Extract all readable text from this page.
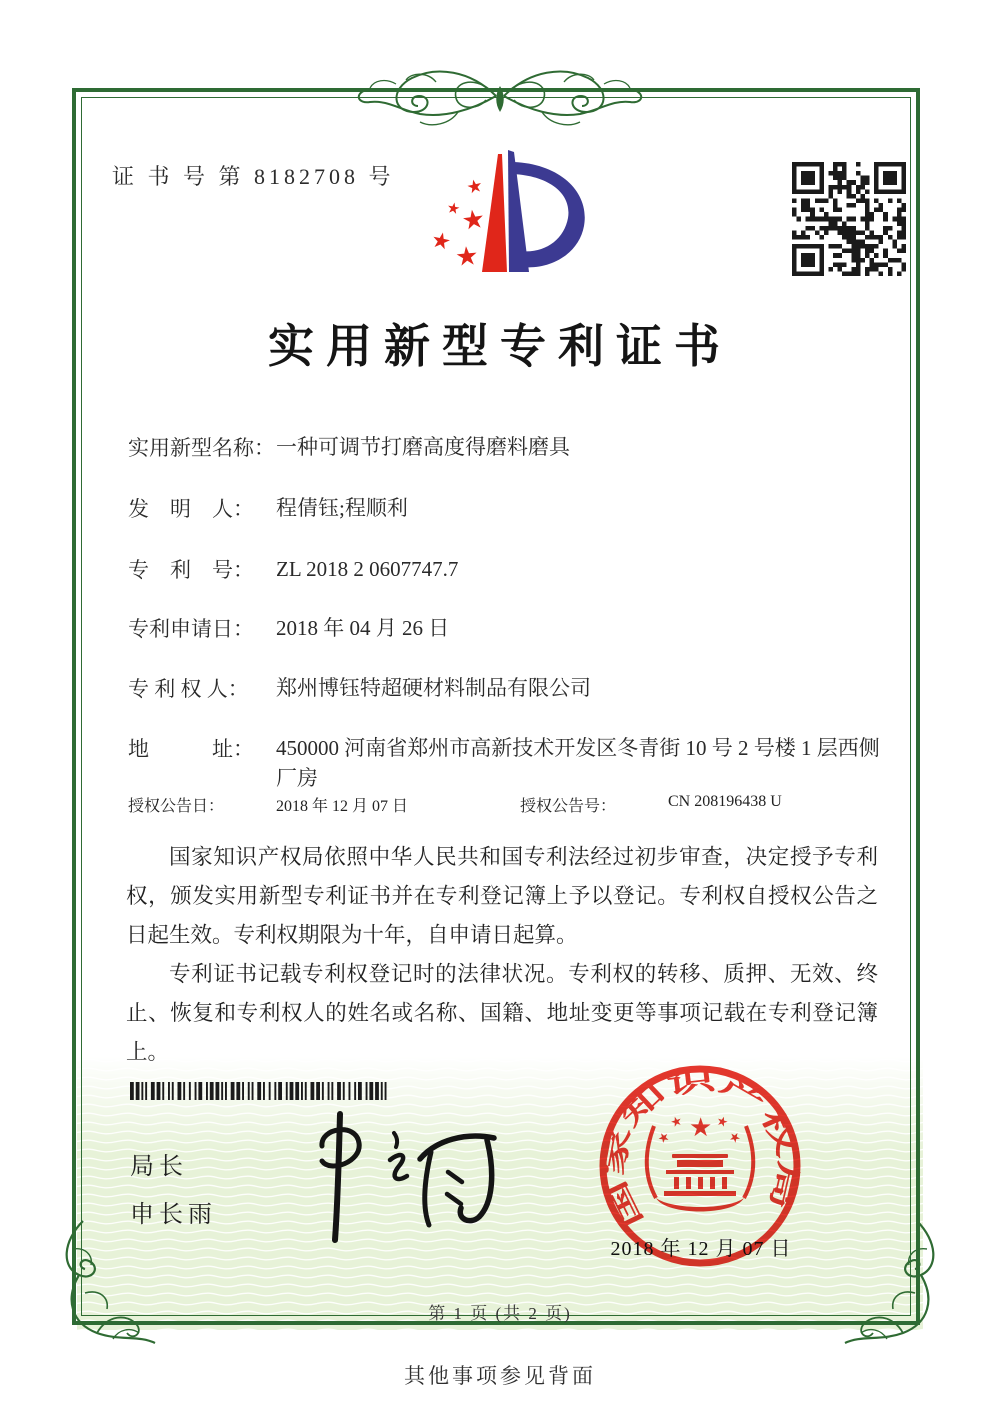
证 书 号 第 8182708 号	★
★
★
★ ★
实用新型专利证书
实用新型名称： 一种可调节打磨高度得磨料磨具
发　明　人：	程倩钰;程顺利
专　利　号：	ZL 2018 2 0607747.7
专利申请日：	2018 年 04 月 26 日
专 利 权 人：	郑州博钰特超硬材料制品有限公司
地　　　址：	450000 河南省郑州市高新技术开发区冬青街 10 号 2 号楼 1 层西侧厂房
授权公告日：	2018 年 12 月 07 日	授权公告号：	CN 208196438 U

国家知识产权局依照中华人民共和国专利法经过初步审查，决定授予专利权，颁发实用新型专利证书并在专利登记簿上予以登记。专利权自授权公告之日起生效。专利权期限为十年，自申请日起算。

专利证书记载专利权登记时的法律状况。专利权的转移、质押、无效、终止、恢复和专利权人的姓名或名称、国籍、地址变更等事项记载在专利登记簿上。

局长
申长雨	国家知识产权局
★
★
★
★
★
2018 年 12 月 07 日
第 1 页 (共 2 页)
其他事项参见背面
